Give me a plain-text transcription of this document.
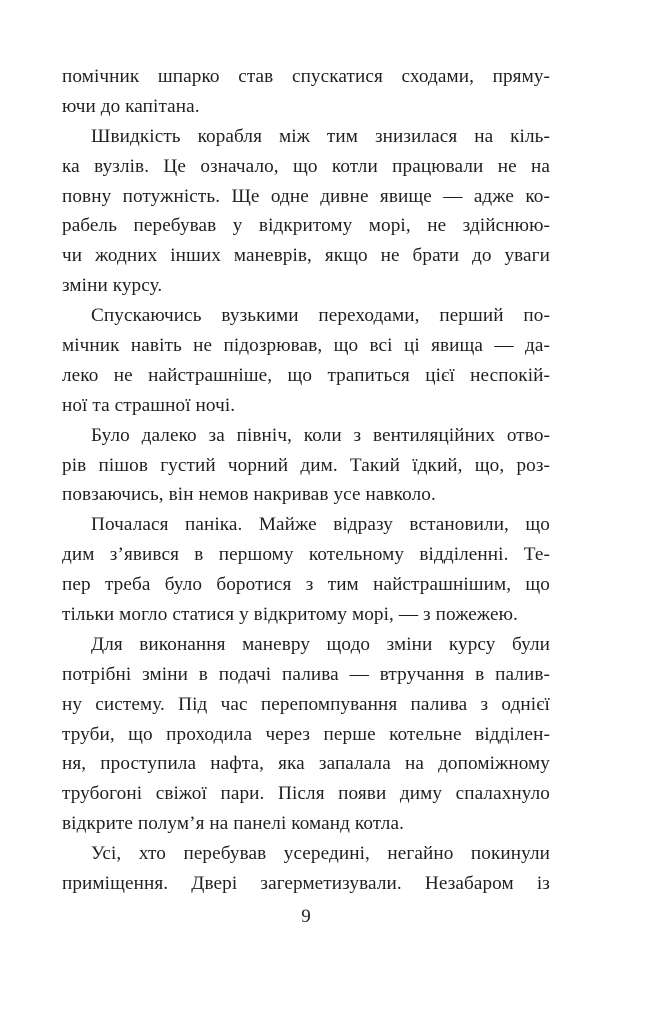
помічник шпарко став спускатися сходами, пряму-
ючи до капітана.
Швидкість корабля між тим знизилася на кіль-
ка вузлів. Це означало, що котли працювали не на
повну потужність. Ще одне дивне явище — адже ко-
рабель перебував у відкритому морі, не здійснюю-
чи жодних інших маневрів, якщо не брати до уваги
зміни курсу.
Спускаючись вузькими переходами, перший по-
мічник навіть не підозрював, що всі ці явища — да-
леко не найстрашніше, що трапиться цієї неспокій-
ної та страшної ночі.
Було далеко за північ, коли з вентиляційних отво-
рів пішов густий чорний дим. Такий їдкий, що, роз-
повзаючись, він немов накривав усе навколо.
Почалася паніка. Майже відразу встановили, що
дим з’явився в першому котельному відділенні. Те-
пер треба було боротися з тим найстрашнішим, що
тільки могло статися у відкритому морі, — з пожежею.
Для виконання маневру щодо зміни курсу були
потрібні зміни в подачі палива — втручання в палив-
ну систему. Під час перепомпування палива з однієї
труби, що проходила через перше котельне відділен-
ня, проступила нафта, яка запалала на допоміжному
трубогоні свіжої пари. Після появи диму спалахнуло
відкрите полум’я на панелі команд котла.
Усі, хто перебував усередині, негайно покинули
приміщення. Двері загерметизували. Незабаром із
9
